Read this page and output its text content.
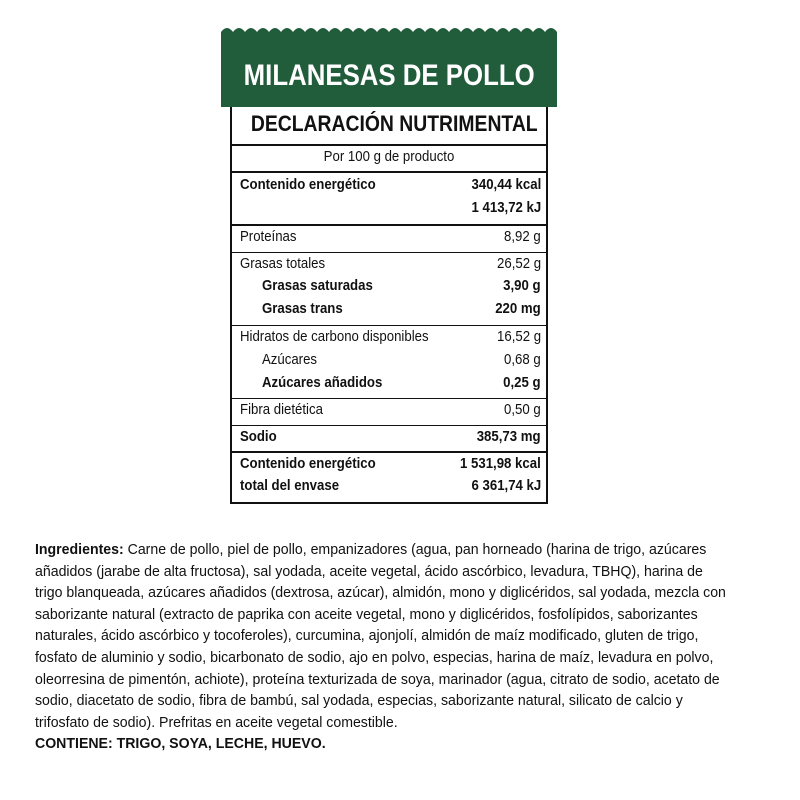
MILANESAS DE POLLO
DECLARACIÓN NUTRIMENTAL
Por 100 g de producto
Contenido energético	340,44 kcal
1 413,72 kJ
Proteínas	8,92 g
Grasas totales	26,52 g
Grasas saturadas	3,90 g
Grasas trans	220 mg
Hidratos de carbono disponibles	16,52 g
Azúcares	0,68 g
Azúcares añadidos	0,25 g
Fibra dietética	0,50 g
Sodio	385,73 mg
Contenido energético	1 531,98 kcal
total del envase	6 361,74 kJ
Ingredientes: Carne de pollo, piel de pollo, empanizadores (agua, pan horneado (harina de trigo, azúcares
añadidos (jarabe de alta fructosa), sal yodada, aceite vegetal, ácido ascórbico, levadura, TBHQ), harina de
trigo blanqueada, azúcares añadidos (dextrosa, azúcar), almidón, mono y diglicéridos, sal yodada, mezcla con
saborizante natural (extracto de paprika con aceite vegetal, mono y diglicéridos, fosfolípidos, saborizantes
naturales, ácido ascórbico y tocoferoles), curcumina, ajonjolí, almidón de maíz modificado, gluten de trigo,
fosfato de aluminio y sodio, bicarbonato de sodio, ajo en polvo, especias, harina de maíz, levadura en polvo,
oleorresina de pimentón, achiote), proteína texturizada de soya, marinador (agua, citrato de sodio, acetato de
sodio, diacetato de sodio, fibra de bambú, sal yodada, especias, saborizante natural, silicato de calcio y
trifosfato de sodio). Prefritas en aceite vegetal comestible.
CONTIENE: TRIGO, SOYA, LECHE, HUEVO.
